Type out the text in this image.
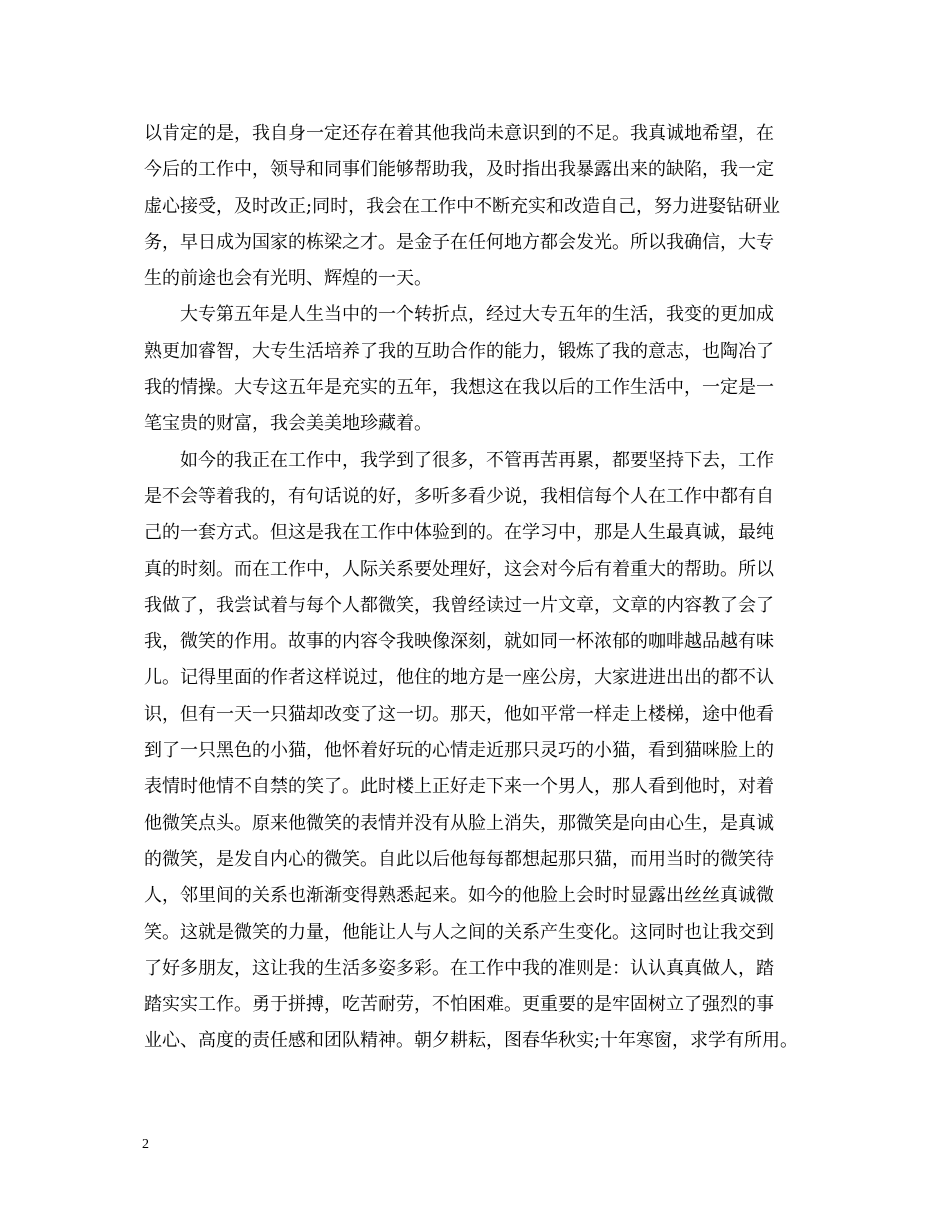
以肯定的是，我自身一定还存在着其他我尚未意识到的不足。我真诚地希望，在
今后的工作中，领导和同事们能够帮助我，及时指出我暴露出来的缺陷，我一定
虚心接受，及时改正;同时，我会在工作中不断充实和改造自己，努力进娶钻研业
务，早日成为国家的栋梁之才。是金子在任何地方都会发光。所以我确信，大专
生的前途也会有光明、辉煌的一天。
　　大专第五年是人生当中的一个转折点，经过大专五年的生活，我变的更加成
熟更加睿智，大专生活培养了我的互助合作的能力，锻炼了我的意志，也陶冶了
我的情操。大专这五年是充实的五年，我想这在我以后的工作生活中，一定是一
笔宝贵的财富，我会美美地珍藏着。
　　如今的我正在工作中，我学到了很多，不管再苦再累，都要坚持下去，工作
是不会等着我的，有句话说的好，多听多看少说，我相信每个人在工作中都有自
己的一套方式。但这是我在工作中体验到的。在学习中，那是人生最真诚，最纯
真的时刻。而在工作中，人际关系要处理好，这会对今后有着重大的帮助。所以
我做了，我尝试着与每个人都微笑，我曾经读过一片文章，文章的内容教了会了
我，微笑的作用。故事的内容令我映像深刻，就如同一杯浓郁的咖啡越品越有味
儿。记得里面的作者这样说过，他住的地方是一座公房，大家进进出出的都不认
识，但有一天一只猫却改变了这一切。那天，他如平常一样走上楼梯，途中他看
到了一只黑色的小猫，他怀着好玩的心情走近那只灵巧的小猫，看到猫咪脸上的
表情时他情不自禁的笑了。此时楼上正好走下来一个男人，那人看到他时，对着
他微笑点头。原来他微笑的表情并没有从脸上消失，那微笑是向由心生，是真诚
的微笑，是发自内心的微笑。自此以后他每每都想起那只猫，而用当时的微笑待
人，邻里间的关系也渐渐变得熟悉起来。如今的他脸上会时时显露出丝丝真诚微
笑。这就是微笑的力量，他能让人与人之间的关系产生变化。这同时也让我交到
了好多朋友，这让我的生活多姿多彩。在工作中我的准则是：认认真真做人，踏
踏实实工作。勇于拼搏，吃苦耐劳，不怕困难。更重要的是牢固树立了强烈的事
业心、高度的责任感和团队精神。朝夕耕耘，图春华秋实;十年寒窗，求学有所用。
2
